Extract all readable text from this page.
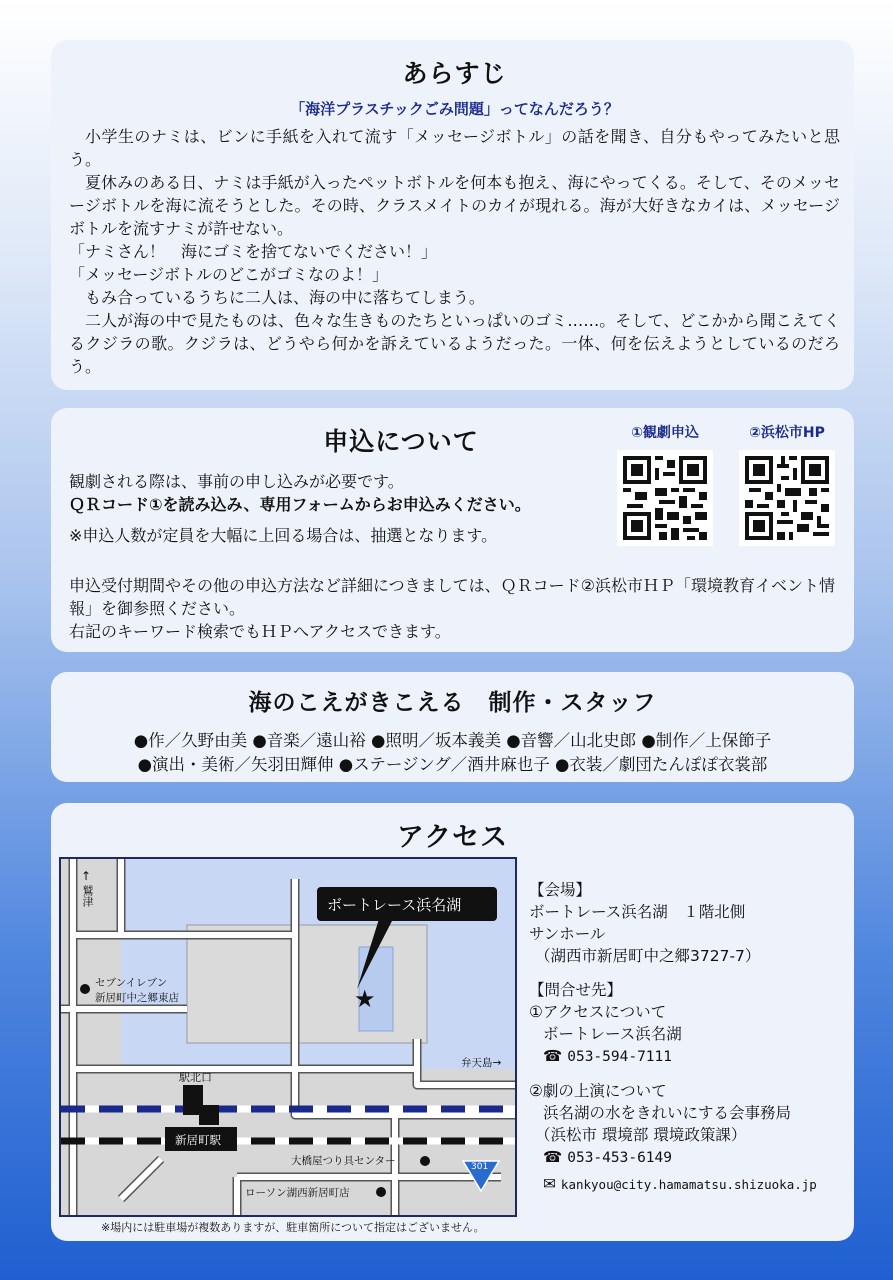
あらすじ
「海洋プラスチックごみ問題」ってなんだろう？

小学生のナミは、ビンに手紙を入れて流す「メッセージボトル」の話を聞き、自分もやってみたいと思う。

夏休みのある日、ナミは手紙が入ったペットボトルを何本も抱え、海にやってくる。そして、そのメッセージボトルを海に流そうとした。その時、クラスメイトのカイが現れる。海が大好きなカイは、メッセージボトルを流すナミが許せない。

「ナミさん！　海にゴミを捨てないでください！」

「メッセージボトルのどこがゴミなのよ！」

もみ合っているうちに二人は、海の中に落ちてしまう。

二人が海の中で見たものは、色々な生きものたちといっぱいのゴミ……。そして、どこかから聞こえてくるクジラの歌。クジラは、どうやら何かを訴えているようだった。一体、何を伝えようとしているのだろう。

申込について

観劇される際は、事前の申し込みが必要です。

ＱＲコード①を読み込み、専用フォームからお申込みください。

※申込人数が定員を大幅に上回る場合は、抽選となります。

申込受付期間やその他の申込方法など詳細につきましては、ＱＲコード②浜松市ＨＰ「環境教育イベント情報」を御参照ください。

右記のキーワード検索でもＨＰへアクセスできます。

①観劇申込	②浜松市HP
海のこえがきこえる　制作・スタッフ
●作／久野由美 ●音楽／遠山裕 ●照明／坂本義美 ●音響／山北史郎 ●制作／上保節子
●演出・美術／矢羽田輝伸 ●ステージング／酒井麻也子 ●衣装／劇団たんぽぽ衣裳部
アクセス
★
↑
鷲津
セブンイレブン
新居町中之郷東店
駅北口
新居町駅
ボートレース浜名湖
弁天島→
大橋屋つり具センター
ローソン湖西新居町店
301
※場内には駐車場が複数ありますが、駐車箇所について指定はございません。

【会場】

ボートレース浜名湖　１階北側

サンホール

（湖西市新居町中之郷3727-7）

【問合せ先】

①アクセスについて

ボートレース浜名湖

☎ 053-594-7111

②劇の上演について

浜名湖の水をきれいにする会事務局

（浜松市 環境部 環境政策課）

☎ 053-453-6149

✉ kankyou@city.hamamatsu.shizuoka.jp
